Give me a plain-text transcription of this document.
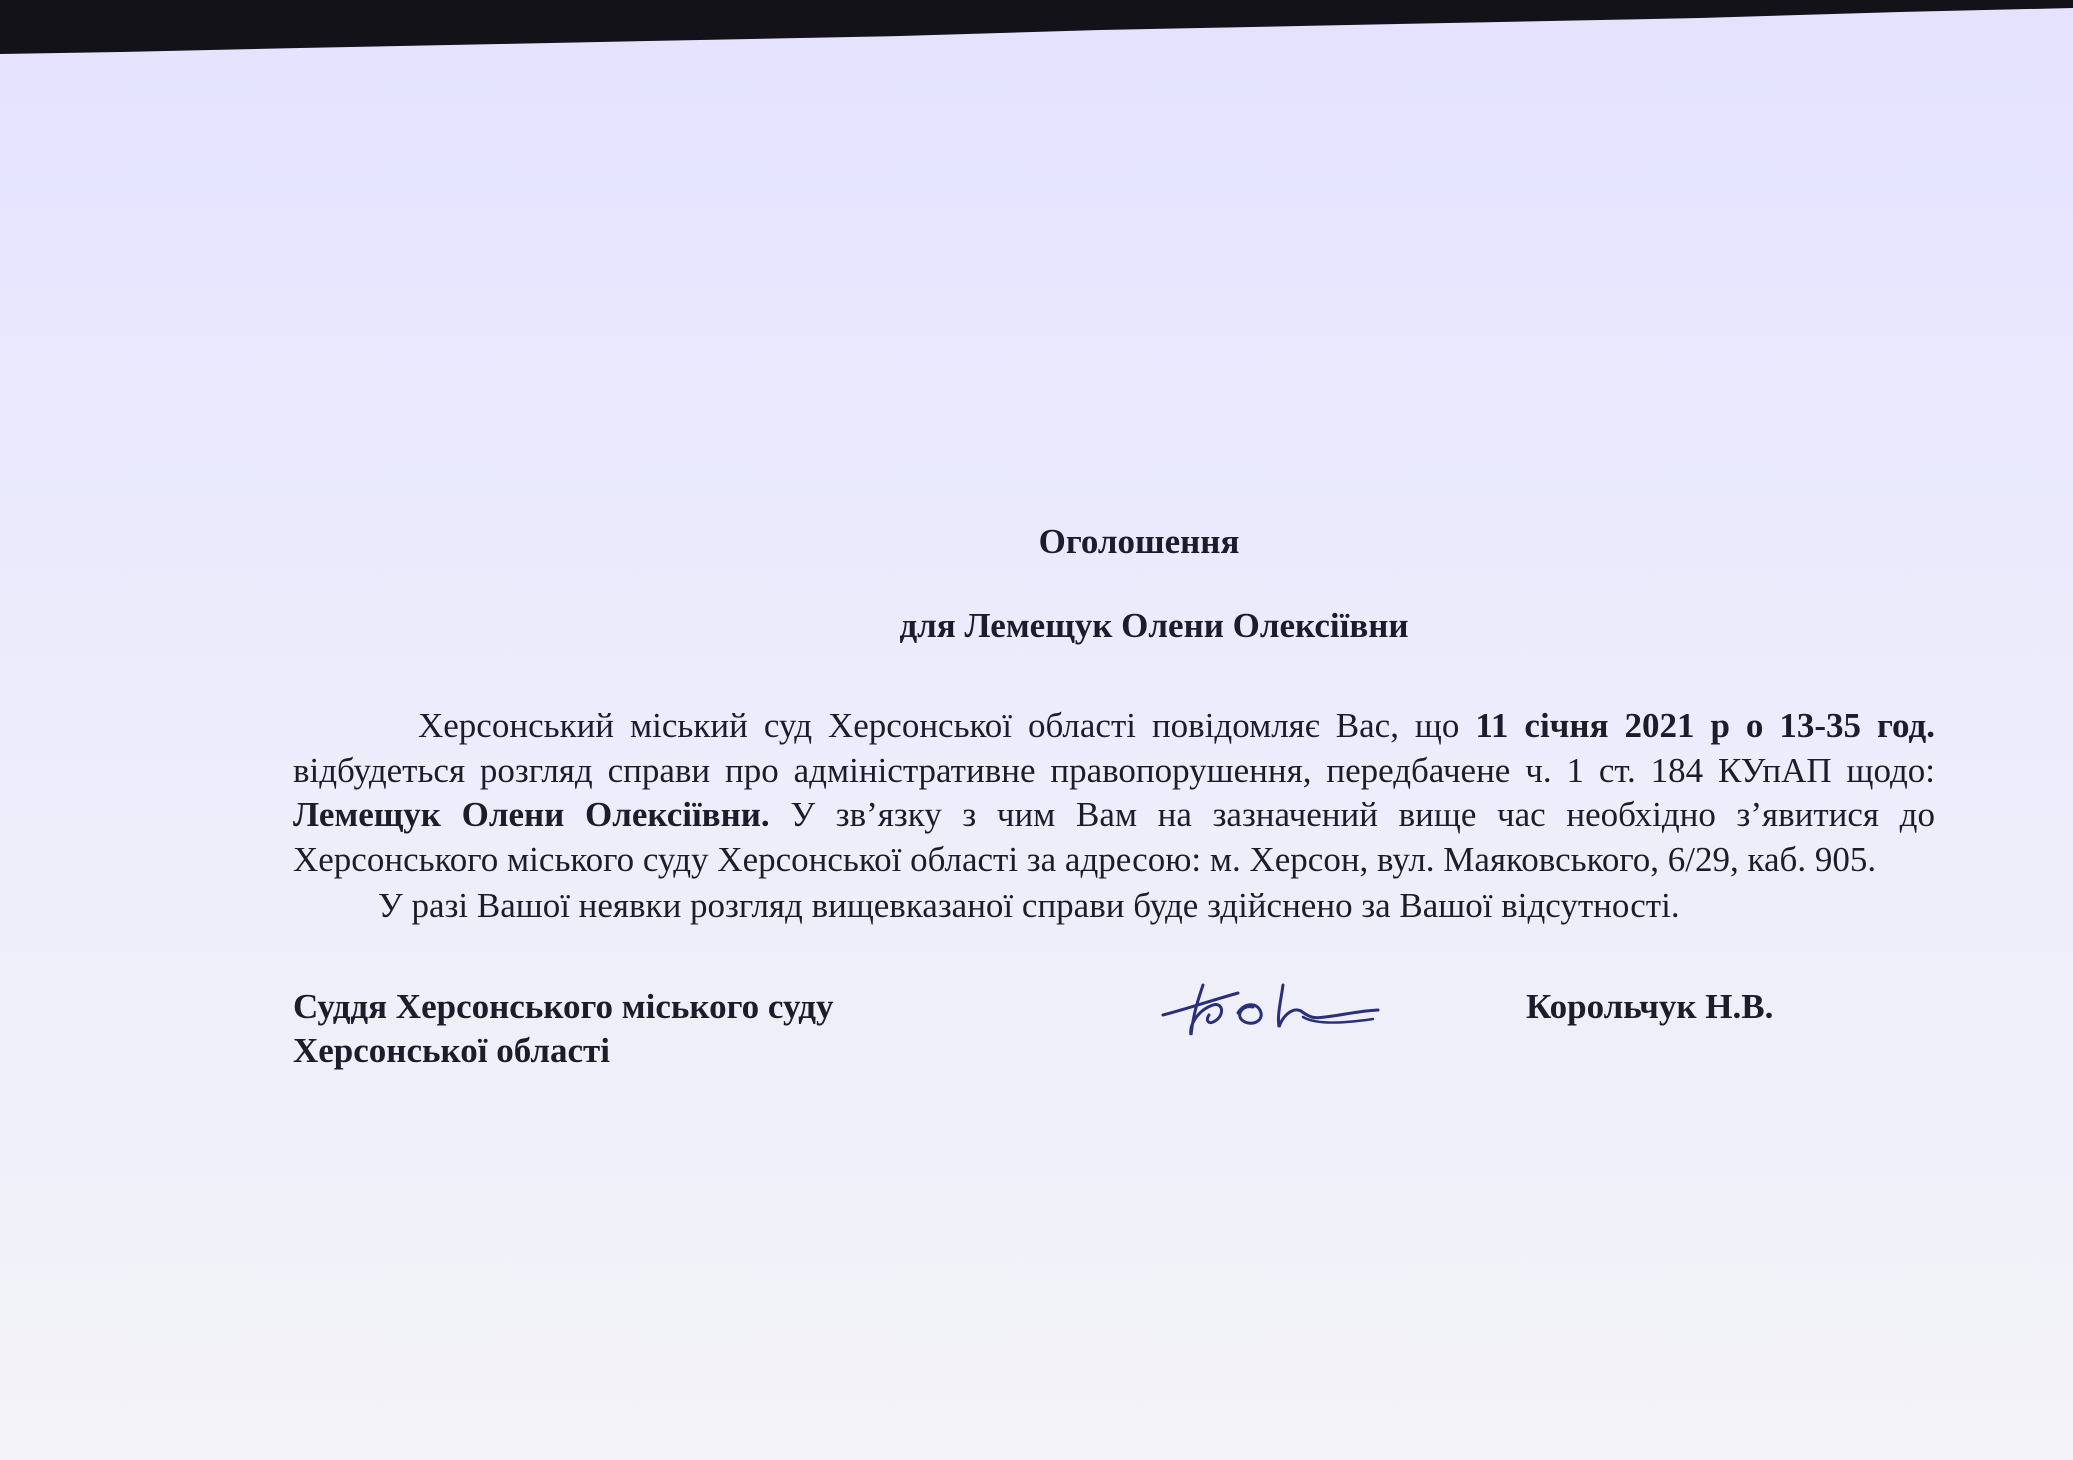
Оголошення

для Лемещук Олени Олексіївни

Херсонський міський суд Херсонської області повідомляє Вас, що 11 січня 2021 р о 13-35 год. відбудеться розгляд справи про адміністративне правопорушення, передбачене ч. 1 ст. 184 КУпАП щодо: Лемещук Олени Олексіївни. У зв’язку з чим Вам на зазначений вище час необхідно з’явитися до Херсонського міського суду Херсонської області за адресою: м. Херсон, вул. Маяковського, 6/29, каб. 905.

У разі Вашої неявки розгляд вищевказаної справи буде здійснено за Вашої відсутності.

Суддя Херсонського міського суду
Херсонської області
Корольчук Н.В.
